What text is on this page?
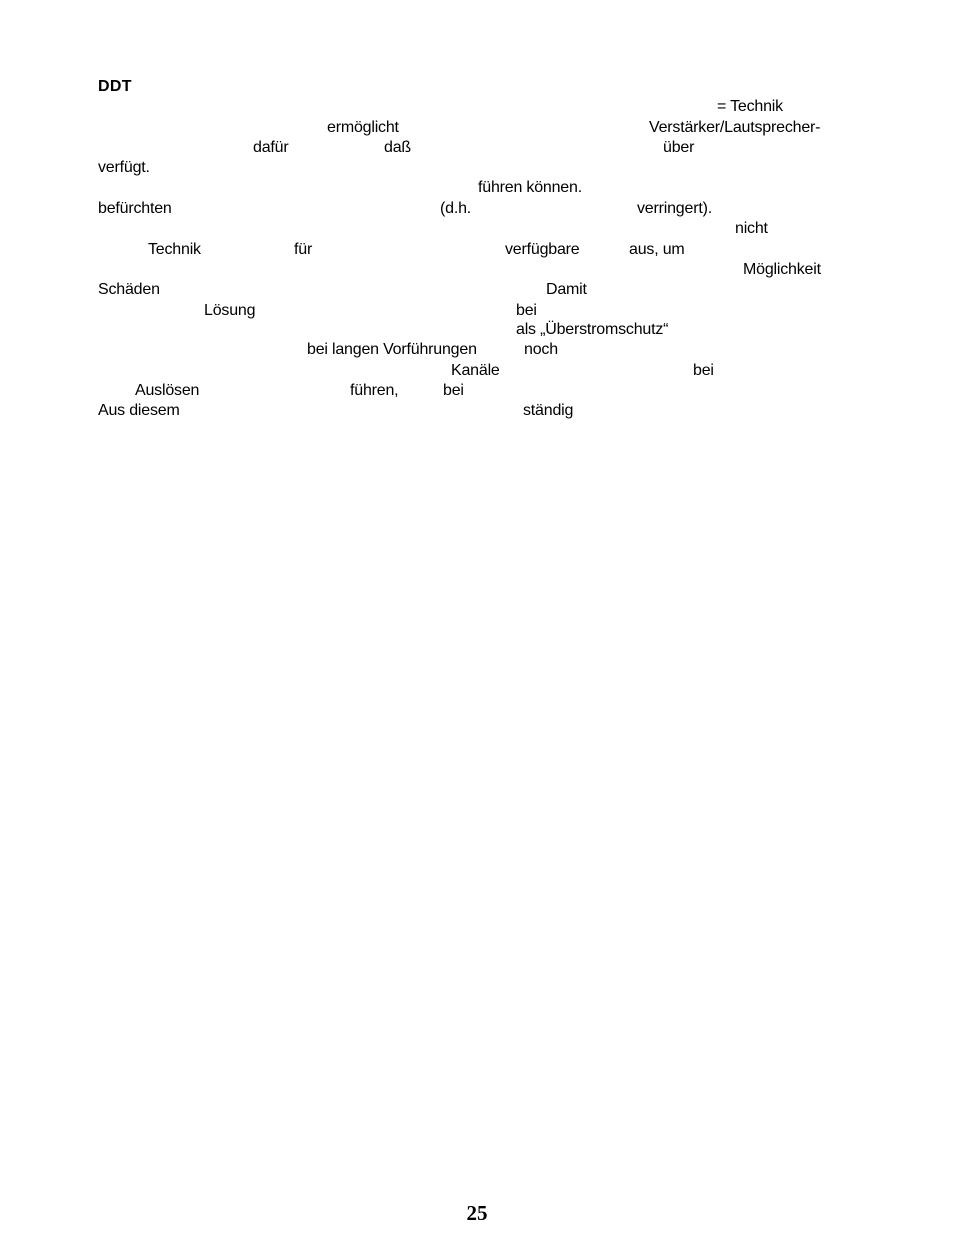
DDT
= Technik
ermöglicht	Verstärker/Lautsprecher-
dafür	daß	über
verfügt.
führen können.
befürchten	(d.h.	verringert).
nicht
Technik	für	verfügbare	aus, um
Möglichkeit
Schäden	Damit
Lösung	bei
als „Überstromschutz“
bei langen Vorführungen	noch
Kanäle	bei
Auslösen	führen,	bei
Aus diesem	ständig
25
